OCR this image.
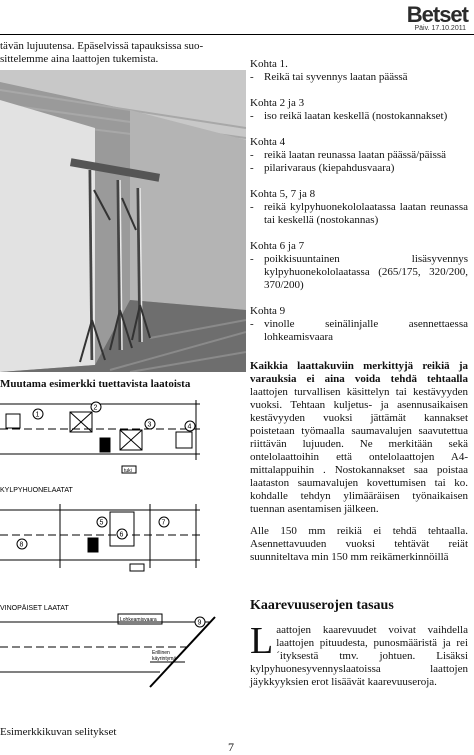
Betset
Päiv. 17.10.2011
tävän lujuutensa. Epäselvissä tapauksissa suo-
sittelemme aina laattojen tukemista.	Kohta 1.
- Reikä tai syvennys laatan päässä
Kohta 2 ja 3
- iso reikä laatan keskellä (nostokannakset)
Kohta 4
- reikä laatan reunassa laatan päässä/päissä
- pilarivaraus (kiepahdusvaara)
Kohta 5, 7 ja 8
- reikä kylpyhuonekololaatassa laatan reunassa tai keskellä (nostokannas)
Kohta 6 ja 7
- poikkisuuntainen lisäsyvennys kylpyhuonekololaatassa (265/175, 320/200, 370/200)
Kohta 9
- vinolle seinälinjalle asennettaessa lohkeamisvaara
Muutama esimerkki tuettavista laatoista
1
2
3	4
tuki
KYLPYHUONELAATAT
5
6
7
8
VINOPÄISET LAATAT
Lohkeamisvaara
Erillinen
käyrintymä
9

Kaikkia laattakuviin merkittyjä reikiä ja varauksia ei aina voida tehdä tehtaalla laattojen turvallisen käsittelyn tai kestävyyden vuoksi. Tehtaan kuljetus- ja asennusaikaisen kestävyyden vuoksi jättämät kannakset poistetaan työmaalla saumavalujen saavutettua riittävän lujuuden. Ne merkitään sekä ontelolaattoihin että ontelolaattojen A4-mittalappuihin . Nostokannakset saa poistaa laataston saumavalujen kovettumisen tai ko. kohdalle tehdyn ylimääräisen työnaikaisen tuennan asentamisen jälkeen.

Alle 150 mm reikiä ei tehdä tehtaalla. Asennettavuuden vuoksi tehtävät reiät suunniteltava min 150 mm reikämerkinnöillä

Kaarevuuserojen tasaus
Laattojen kaarevuudet voivat vaihdella laattojen pituudesta, punosmääristä ja rei´ityksestä tmv. johtuen. Lisäksi kylpyhuonesyvennyslaatoissa laattojen jäykkyyksien erot lisäävät kaarevuuseroja.
Esimerkkikuvan selitykset
7
